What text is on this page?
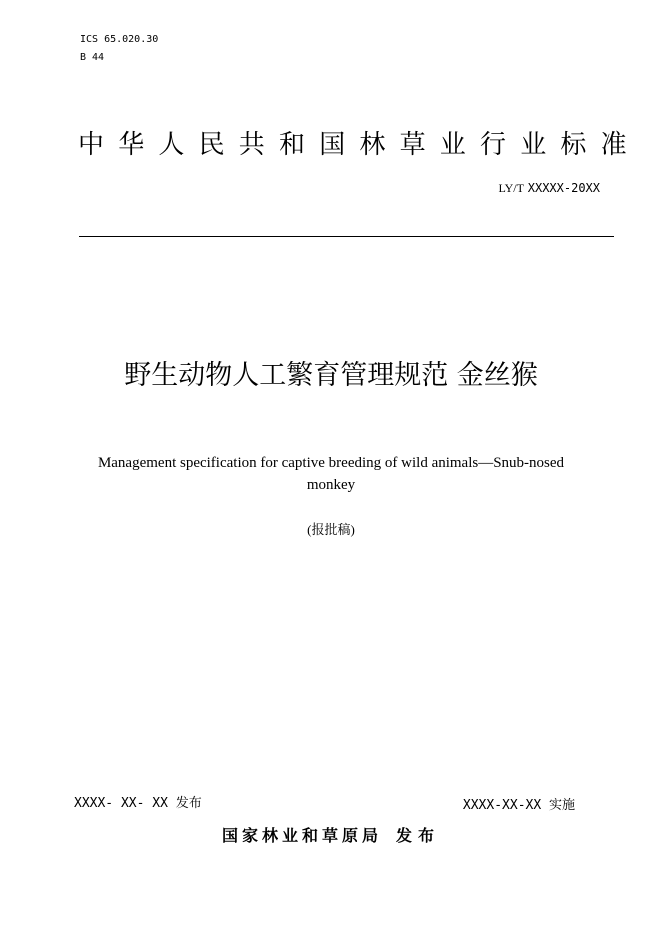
ICS 65.020.30
B 44
中华人民共和国林草业行业标准
LY/T XXXXX-20XX
野生动物人工繁育管理规范 金丝猴
Management specification for captive breeding of wild animals—Snub-nosed monkey
(报批稿)
XXXX- XX- XX 发布	XXXX-XX-XX 实施
国家林业和草原局 发布
